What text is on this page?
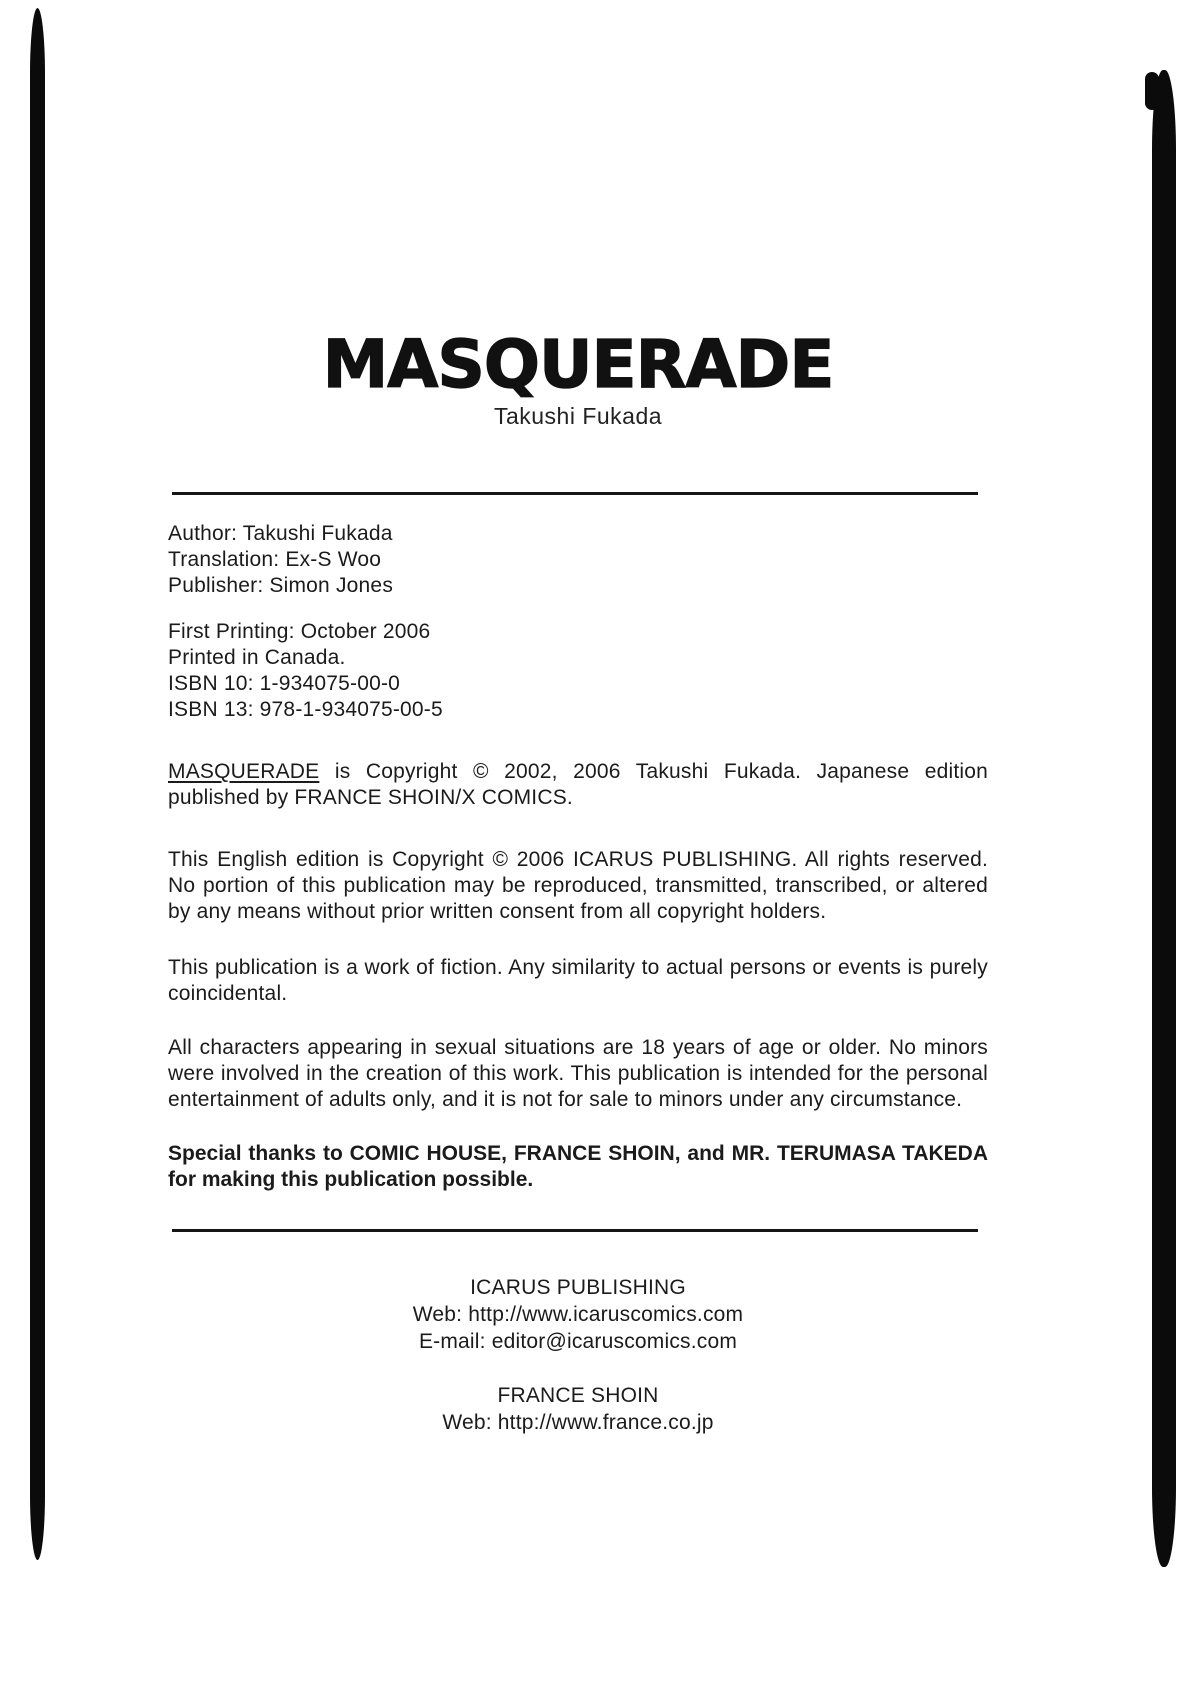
MASQUERADE
Takushi Fukada
Author: Takushi Fukada
Translation: Ex-S Woo
Publisher: Simon Jones
First Printing: October 2006
Printed in Canada.
ISBN 10: 1-934075-00-0
ISBN 13: 978-1-934075-00-5

MASQUERADE is Copyright © 2002, 2006 Takushi Fukada. Japanese edition published by FRANCE SHOIN/X COMICS.

This English edition is Copyright © 2006 ICARUS PUBLISHING. All rights reserved. No portion of this publication may be reproduced, transmitted, transcribed, or altered by any means without prior written consent from all copyright holders.

This publication is a work of fiction. Any similarity to actual persons or events is purely coincidental.

All characters appearing in sexual situations are 18 years of age or older. No minors were involved in the creation of this work. This publication is intended for the personal entertainment of adults only, and it is not for sale to minors under any circumstance.

Special thanks to COMIC HOUSE, FRANCE SHOIN, and MR. TERUMASA TAKEDA for making this publication possible.

ICARUS PUBLISHING
Web: http://www.icaruscomics.com
E-mail: editor@icaruscomics.com
FRANCE SHOIN
Web: http://www.france.co.jp
